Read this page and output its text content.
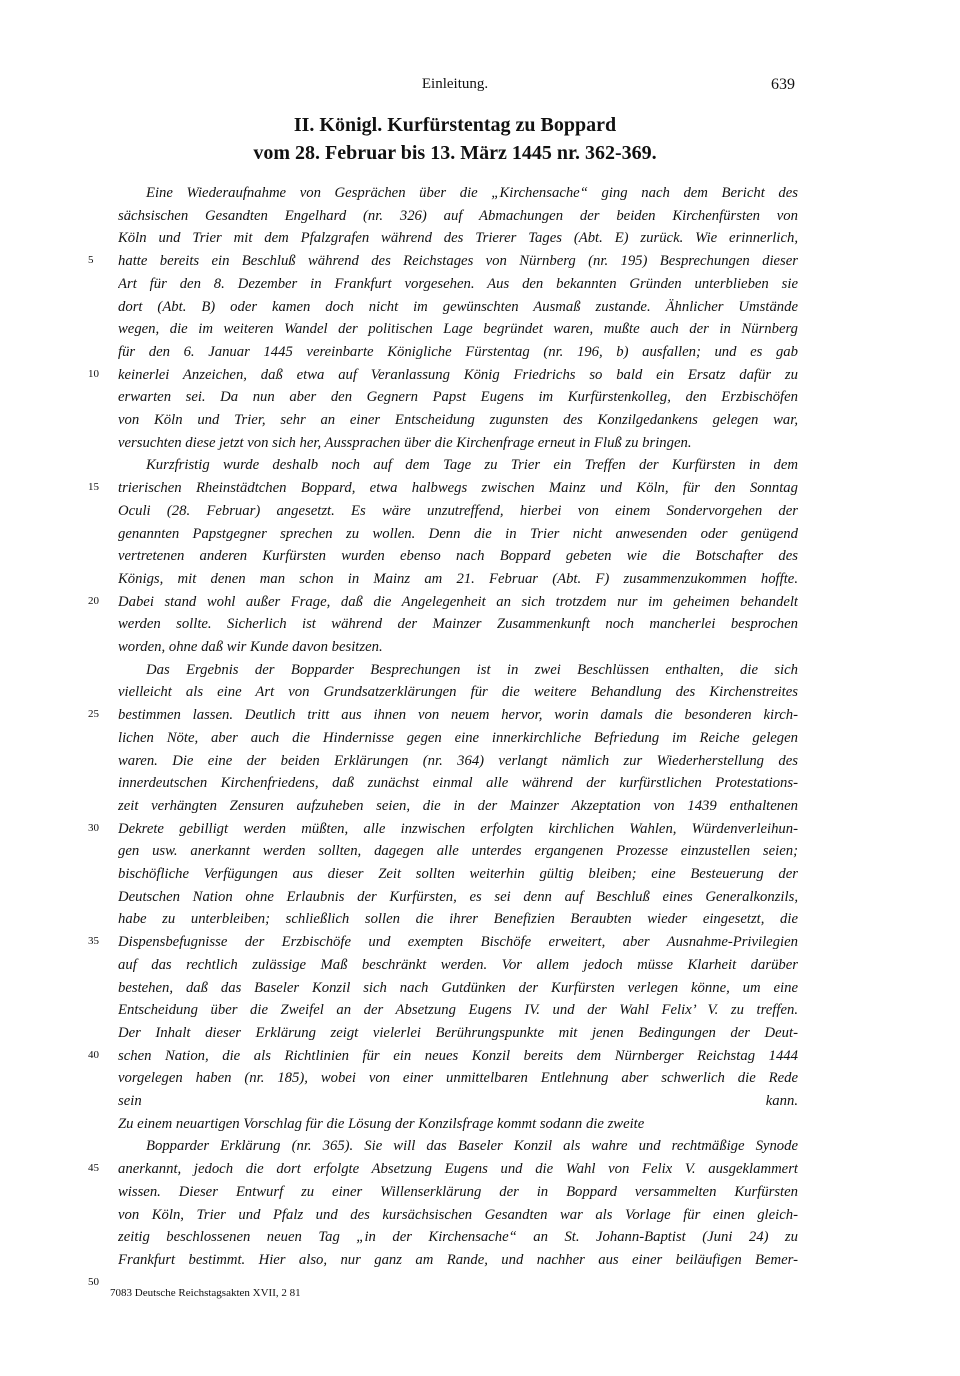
Einleitung.	639
II. Königl. Kurfürstentag zu Boppard
vom 28. Februar bis 13. März 1445 nr. 362-369.
Eine Wiederaufnahme von Gesprächen über die „Kirchensache“ ging nach dem Bericht des
sächsischen Gesandten Engelhard (nr. 326) auf Abmachungen der beiden Kirchenfürsten von
Köln und Trier mit dem Pfalzgrafen während des Trierer Tages (Abt. E) zurück. Wie erinnerlich,
hatte bereits ein Beschluß während des Reichstages von Nürnberg (nr. 195) Besprechungen dieser
Art für den 8. Dezember in Frankfurt vorgesehen. Aus den bekannten Gründen unterblieben sie
dort (Abt. B) oder kamen doch nicht im gewünschten Ausmaß zustande. Ähnlicher Umstände
wegen, die im weiteren Wandel der politischen Lage begründet waren, mußte auch der in Nürnberg
für den 6. Januar 1445 vereinbarte Königliche Fürstentag (nr. 196, b) ausfallen; und es gab
keinerlei Anzeichen, daß etwa auf Veranlassung König Friedrichs so bald ein Ersatz dafür zu
erwarten sei. Da nun aber den Gegnern Papst Eugens im Kurfürstenkolleg, den Erzbischöfen
von Köln und Trier, sehr an einer Entscheidung zugunsten des Konzilgedankens gelegen war,
versuchten diese jetzt von sich her, Aussprachen über die Kirchenfrage erneut in Fluß zu bringen.
Kurzfristig wurde deshalb noch auf dem Tage zu Trier ein Treffen der Kurfürsten in dem
trierischen Rheinstädtchen Boppard, etwa halbwegs zwischen Mainz und Köln, für den Sonntag
Oculi (28. Februar) angesetzt. Es wäre unzutreffend, hierbei von einem Sondervorgehen der
genannten Papstgegner sprechen zu wollen. Denn die in Trier nicht anwesenden oder genügend
vertretenen anderen Kurfürsten wurden ebenso nach Boppard gebeten wie die Botschafter des
Königs, mit denen man schon in Mainz am 21. Februar (Abt. F) zusammenzukommen hoffte.
Dabei stand wohl außer Frage, daß die Angelegenheit an sich trotzdem nur im geheimen behandelt
werden sollte. Sicherlich ist während der Mainzer Zusammenkunft noch mancherlei besprochen
worden, ohne daß wir Kunde davon besitzen.
Das Ergebnis der Bopparder Besprechungen ist in zwei Beschlüssen enthalten, die sich
vielleicht als eine Art von Grundsatzerklärungen für die weitere Behandlung des Kirchenstreites
bestimmen lassen. Deutlich tritt aus ihnen von neuem hervor, worin damals die besonderen kirch-
lichen Nöte, aber auch die Hindernisse gegen eine innerkirchliche Befriedung im Reiche gelegen
waren. Die eine der beiden Erklärungen (nr. 364) verlangt nämlich zur Wiederherstellung des
innerdeutschen Kirchenfriedens, daß zunächst einmal alle während der kurfürstlichen Protestations-
zeit verhängten Zensuren aufzuheben seien, die in der Mainzer Akzeptation von 1439 enthaltenen
Dekrete gebilligt werden müßten, alle inzwischen erfolgten kirchlichen Wahlen, Würdenverleihun-
gen usw. anerkannt werden sollten, dagegen alle unterdes ergangenen Prozesse einzustellen seien;
bischöfliche Verfügungen aus dieser Zeit sollten weiterhin gültig bleiben; eine Besteuerung der
Deutschen Nation ohne Erlaubnis der Kurfürsten, es sei denn auf Beschluß eines Generalkonzils,
habe zu unterbleiben; schließlich sollen die ihrer Benefizien Beraubten wieder eingesetzt, die
Dispensbefugnisse der Erzbischöfe und exempten Bischöfe erweitert, aber Ausnahme-Privilegien
auf das rechtlich zulässige Maß beschränkt werden. Vor allem jedoch müsse Klarheit darüber
bestehen, daß das Baseler Konzil sich nach Gutdünken der Kurfürsten verlegen könne, um eine
Entscheidung über die Zweifel an der Absetzung Eugens IV. und der Wahl Felix’ V. zu treffen.
Der Inhalt dieser Erklärung zeigt vielerlei Berührungspunkte mit jenen Bedingungen der Deut-
schen Nation, die als Richtlinien für ein neues Konzil bereits dem Nürnberger Reichstag 1444
vorgelegen haben (nr. 185), wobei von einer unmittelbaren Entlehnung aber schwerlich die Rede
sein kann.
Zu einem neuartigen Vorschlag für die Lösung der Konzilsfrage kommt sodann die zweite
Bopparder Erklärung (nr. 365). Sie will das Baseler Konzil als wahre und rechtmäßige Synode
anerkannt, jedoch die dort erfolgte Absetzung Eugens und die Wahl von Felix V. ausgeklammert
wissen. Dieser Entwurf zu einer Willenserklärung der in Boppard versammelten Kurfürsten
von Köln, Trier und Pfalz und des kursächsischen Gesandten war als Vorlage für einen gleich-
zeitig beschlossenen neuen Tag „in der Kirchensache“ an St. Johann-Baptist (Juni 24) zu
Frankfurt bestimmt. Hier also, nur ganz am Rande, und nachher aus einer beiläufigen Bemer-
5
10
15
20
25
30
35
40
45
50
7083 Deutsche Reichstagsakten XVII, 2 81
